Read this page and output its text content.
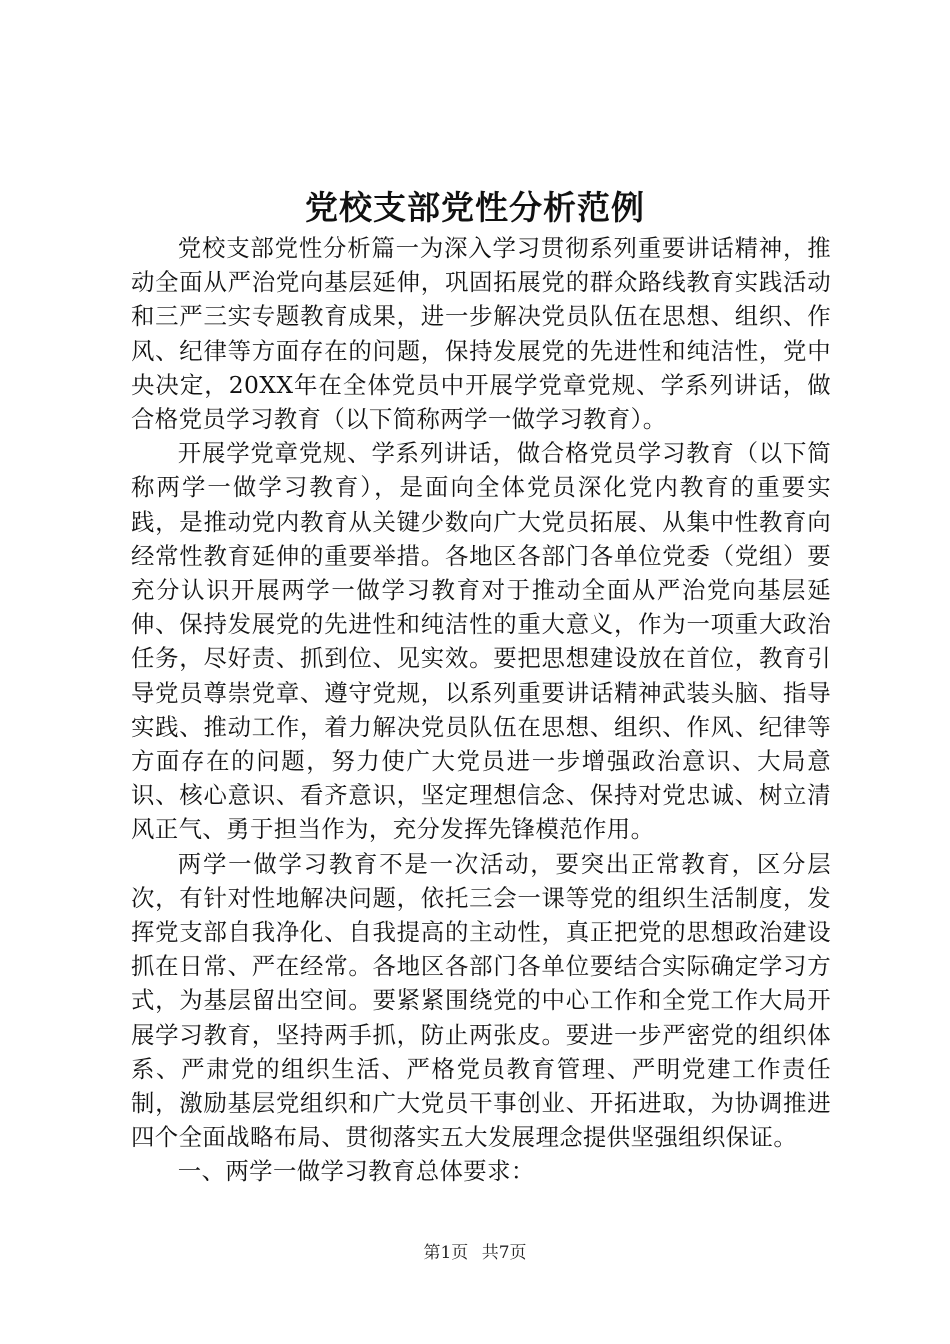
党校支部党性分析范例

党校支部党性分析篇一为深入学习贯彻系列重要讲话精神，推动全面从严治党向基层延伸，巩固拓展党的群众路线教育实践活动和三严三实专题教育成果，进一步解决党员队伍在思想、组织、作风、纪律等方面存在的问题，保持发展党的先进性和纯洁性，党中央决定，20XX年在全体党员中开展学党章党规、学系列讲话，做合格党员学习教育（以下简称两学一做学习教育）。

开展学党章党规、学系列讲话，做合格党员学习教育（以下简称两学一做学习教育），是面向全体党员深化党内教育的重要实践，是推动党内教育从关键少数向广大党员拓展、从集中性教育向经常性教育延伸的重要举措。各地区各部门各单位党委（党组）要充分认识开展两学一做学习教育对于推动全面从严治党向基层延伸、保持发展党的先进性和纯洁性的重大意义，作为一项重大政治任务，尽好责、抓到位、见实效。要把思想建设放在首位，教育引导党员尊崇党章、遵守党规，以系列重要讲话精神武装头脑、指导实践、推动工作，着力解决党员队伍在思想、组织、作风、纪律等方面存在的问题，努力使广大党员进一步增强政治意识、大局意识、核心意识、看齐意识，坚定理想信念、保持对党忠诚、树立清风正气、勇于担当作为，充分发挥先锋模范作用。

两学一做学习教育不是一次活动，要突出正常教育，区分层次，有针对性地解决问题，依托三会一课等党的组织生活制度，发挥党支部自我净化、自我提高的主动性，真正把党的思想政治建设抓在日常、严在经常。各地区各部门各单位要结合实际确定学习方式，为基层留出空间。要紧紧围绕党的中心工作和全党工作大局开展学习教育，坚持两手抓，防止两张皮。要进一步严密党的组织体系、严肃党的组织生活、严格党员教育管理、严明党建工作责任制，激励基层党组织和广大党员干事创业、开拓进取，为协调推进四个全面战略布局、贯彻落实五大发展理念提供坚强组织保证。

一、两学一做学习教育总体要求：

第1页 共7页
